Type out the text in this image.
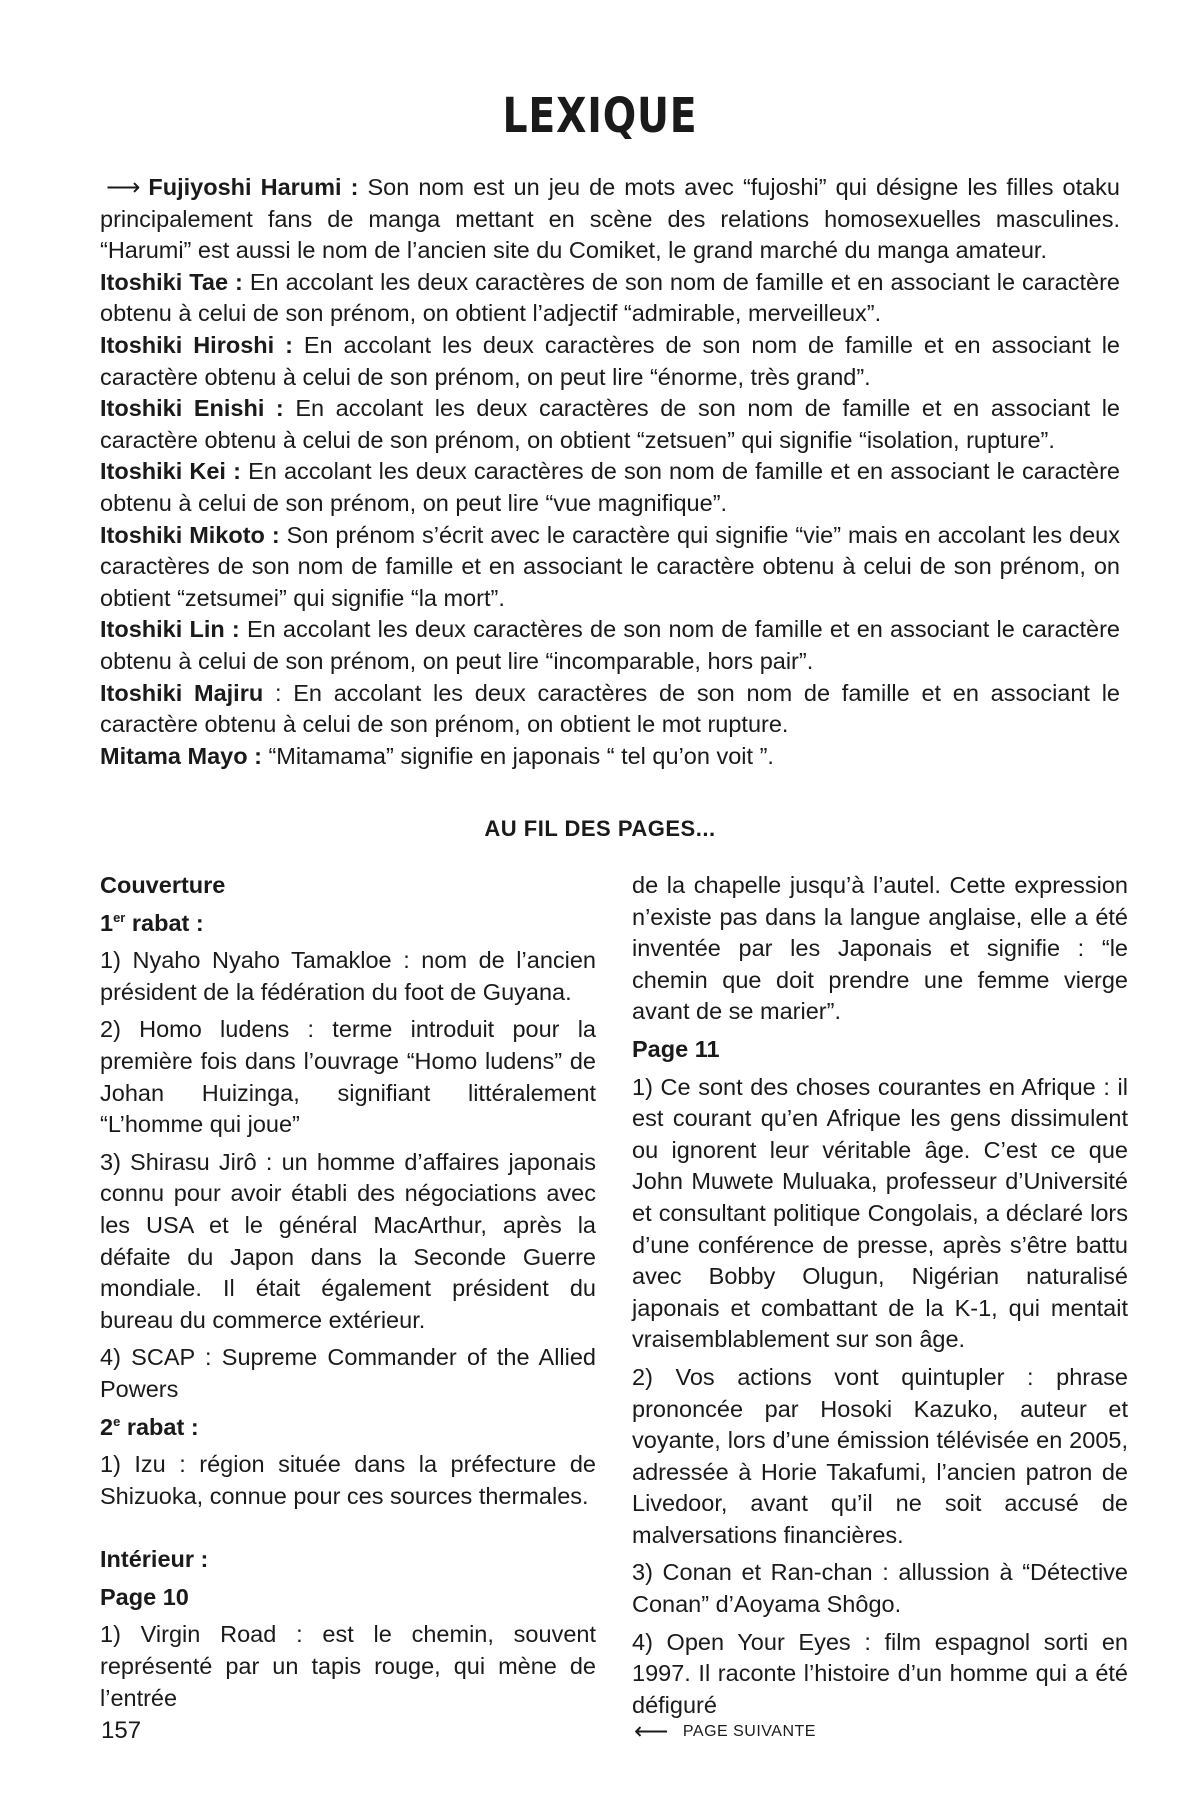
LEXIQUE

⟶ Fujiyoshi Harumi : Son nom est un jeu de mots avec “fujoshi” qui désigne les filles otaku principalement fans de manga mettant en scène des relations homosexuelles masculines. “Harumi” est aussi le nom de l’ancien site du Comiket, le grand marché du manga amateur.

Itoshiki Tae : En accolant les deux caractères de son nom de famille et en associant le caractère obtenu à celui de son prénom, on obtient l’adjectif “admirable, merveilleux”.

Itoshiki Hiroshi : En accolant les deux caractères de son nom de famille et en associant le caractère obtenu à celui de son prénom, on peut lire “énorme, très grand”.

Itoshiki Enishi : En accolant les deux caractères de son nom de famille et en associant le caractère obtenu à celui de son prénom, on obtient “zetsuen” qui signifie “isolation, rupture”.

Itoshiki Kei : En accolant les deux caractères de son nom de famille et en associant le caractère obtenu à celui de son prénom, on peut lire “vue magnifique”.

Itoshiki Mikoto : Son prénom s’écrit avec le caractère qui signifie “vie” mais en accolant les deux caractères de son nom de famille et en associant le caractère obtenu à celui de son prénom, on obtient “zetsumei” qui signifie “la mort”.

Itoshiki Lin : En accolant les deux caractères de son nom de famille et en associant le caractère obtenu à celui de son prénom, on peut lire “incomparable, hors pair”.

Itoshiki Majiru : En accolant les deux caractères de son nom de famille et en associant le caractère obtenu à celui de son prénom, on obtient le mot rupture.

Mitama Mayo : “Mitamama” signifie en japonais “ tel qu’on voit ”.

AU FIL DES PAGES...
Couverture
1er rabat :

1) Nyaho Nyaho Tamakloe : nom de l’ancien président de la fédération du foot de Guyana.

2) Homo ludens : terme introduit pour la première fois dans l’ouvrage “Homo ludens” de Johan Huizinga, signifiant littéralement “L’homme qui joue”

3) Shirasu Jirô : un homme d’affaires japonais connu pour avoir établi des négociations avec les USA et le général MacArthur, après la défaite du Japon dans la Seconde Guerre mondiale. Il était également président du bureau du commerce extérieur.

4) SCAP : Supreme Commander of the Allied Powers

2e rabat :

1) Izu : région située dans la préfecture de Shizuoka, connue pour ces sources thermales.

Intérieur :
Page 10

1) Virgin Road : est le chemin, souvent représenté par un tapis rouge, qui mène de l’entrée

de la chapelle jusqu’à l’autel. Cette expression n’existe pas dans la langue anglaise, elle a été inventée par les Japonais et signifie : “le chemin que doit prendre une femme vierge avant de se marier”.

Page 11

1) Ce sont des choses courantes en Afrique : il est courant qu’en Afrique les gens dissimulent ou ignorent leur véritable âge. C’est ce que John Muwete Muluaka, professeur d’Université et consultant politique Congolais, a déclaré lors d’une conférence de presse, après s’être battu avec Bobby Olugun, Nigérian naturalisé japonais et combattant de la K-1, qui mentait vraisemblablement sur son âge.

2) Vos actions vont quintupler : phrase prononcée par Hosoki Kazuko, auteur et voyante, lors d’une émission télévisée en 2005, adressée à Horie Takafumi, l’ancien patron de Livedoor, avant qu’il ne soit accusé de malversations financières.

3) Conan et Ran-chan : allussion à “Détective Conan” d’Aoyama Shôgo.

4) Open Your Eyes : film espagnol sorti en 1997. Il raconte l’histoire d’un homme qui a été défiguré

157	⟵ PAGE SUIVANTE
